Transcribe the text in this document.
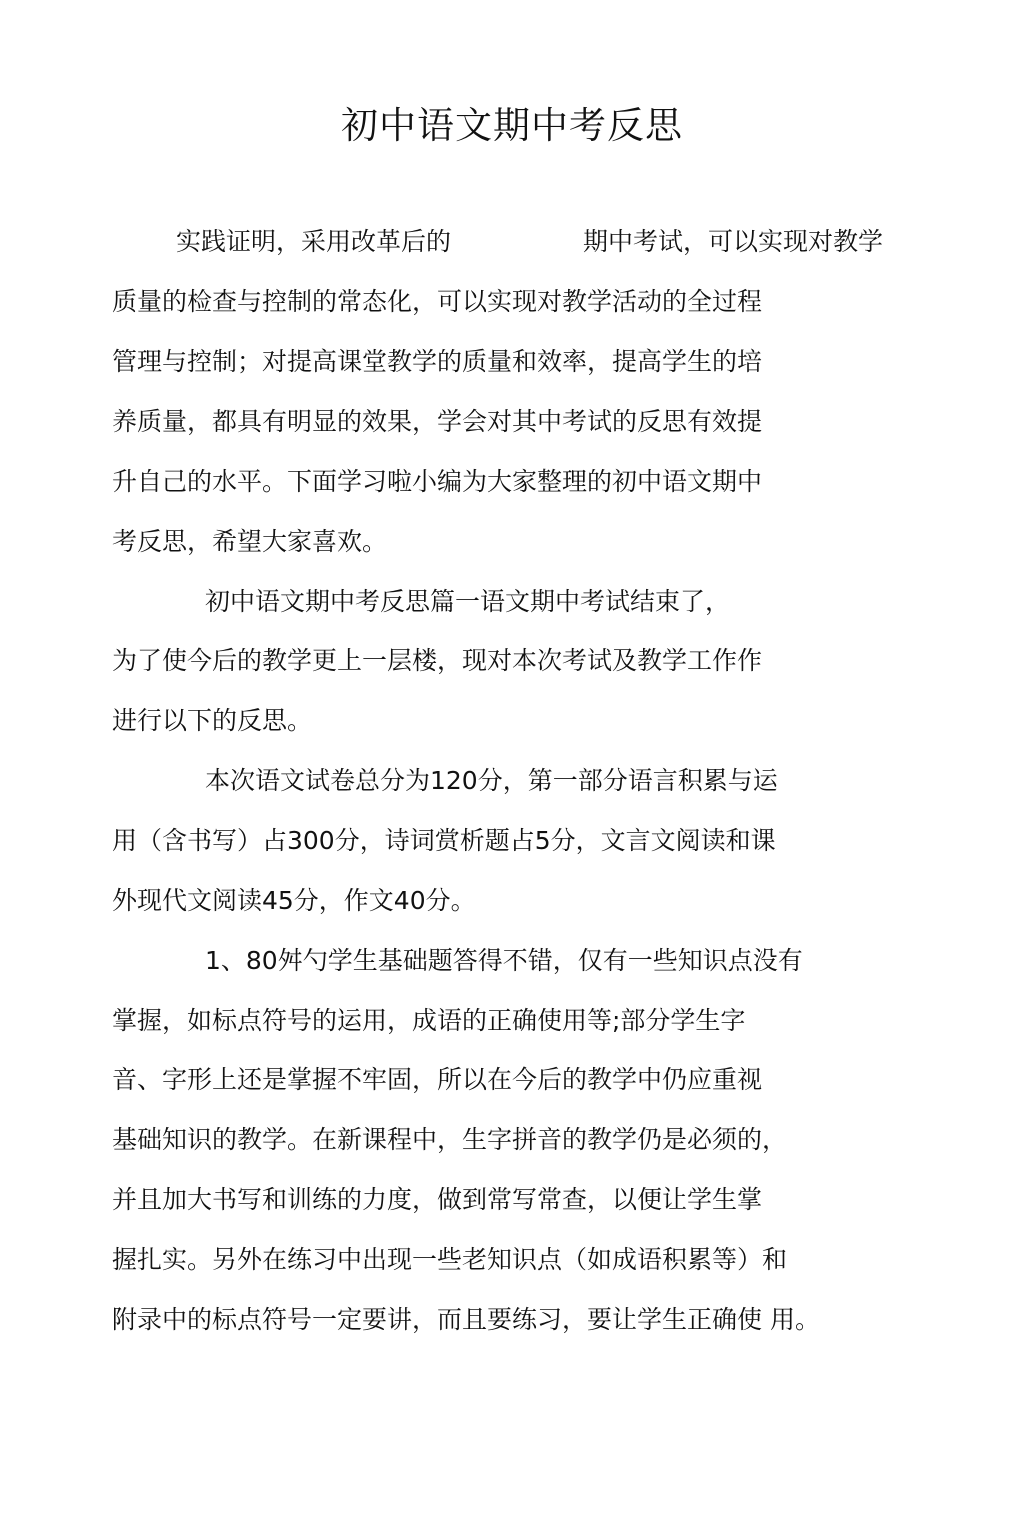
初中语文期中考反思
实践证明，采用改革后的	期中考试，可以实现对教学
质量的检查与控制的常态化，可以实现对教学活动的全过程
管理与控制；对提高课堂教学的质量和效率，提高学生的培
养质量，都具有明显的效果，学会对其中考试的反思有效提
升自己的水平。下面学习啦小编为大家整理的初中语文期中
考反思，希望大家喜欢。
初中语文期中考反思篇一语文期中考试结束了，
为了使今后的教学更上一层楼，现对本次考试及教学工作作
进行以下的反思。
本次语文试卷总分为120分，第一部分语言积累与运
用（含书写）占300分，诗词赏析题占5分，文言文阅读和课
外现代文阅读45分，作文40分。
1、80舛勺学生基础题答得不错，仅有一些知识点没有
掌握，如标点符号的运用，成语的正确使用等;部分学生字
音、字形上还是掌握不牢固，所以在今后的教学中仍应重视
基础知识的教学。在新课程中，生字拼音的教学仍是必须的，
并且加大书写和训练的力度，做到常写常查，以便让学生掌
握扎实。另外在练习中出现一些老知识点（如成语积累等）和
附录中的标点符号一定要讲，而且要练习，要让学生正确使 用。
